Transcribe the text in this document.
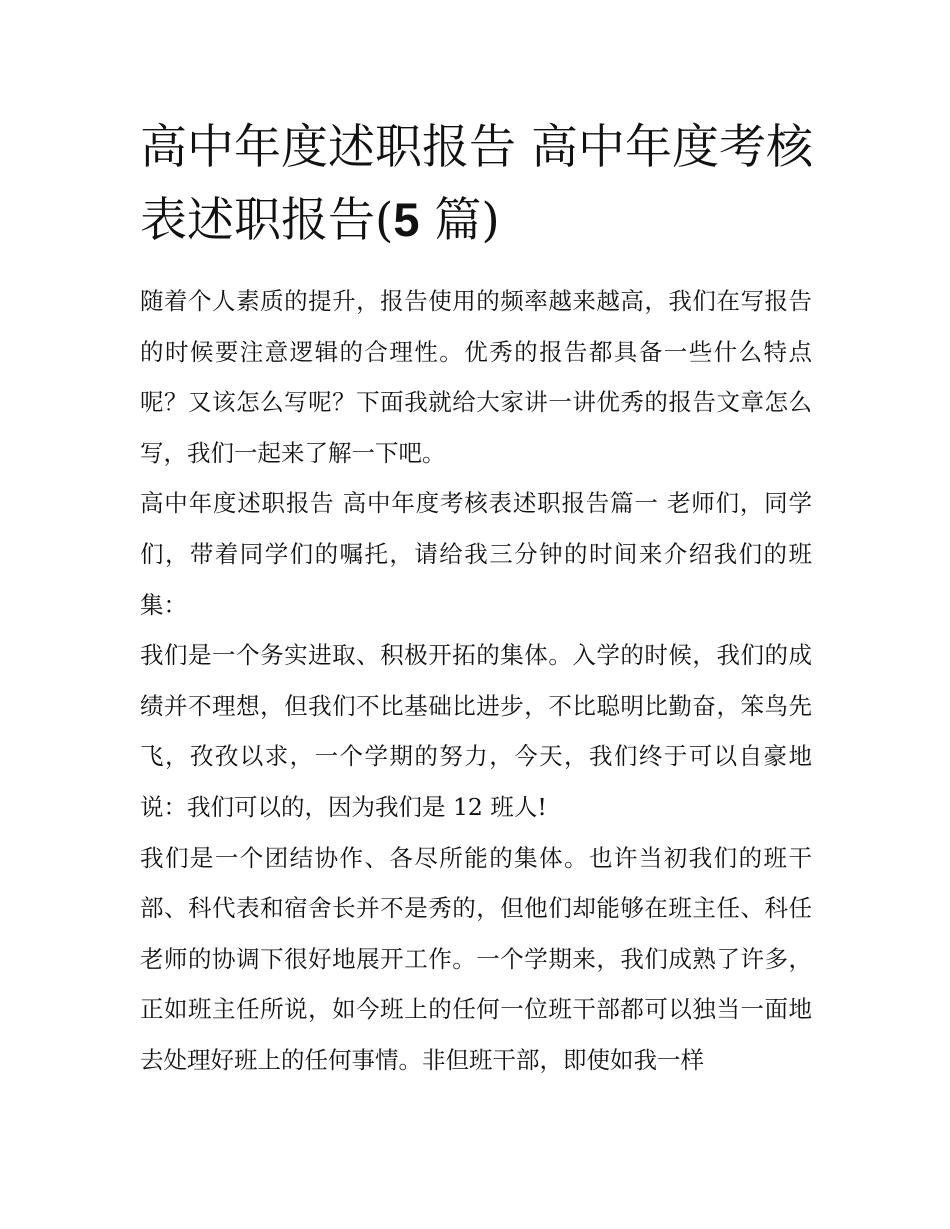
高中年度述职报告 高中年度考核表述职报告(5 篇)

随着个人素质的提升，报告使用的频率越来越高，我们在写报告的时候要注意逻辑的合理性。优秀的报告都具备一些什么特点呢？又该怎么写呢？下面我就给大家讲一讲优秀的报告文章怎么写，我们一起来了解一下吧。

高中年度述职报告 高中年度考核表述职报告篇一 老师们，同学们，带着同学们的嘱托，请给我三分钟的时间来介绍我们的班集：

我们是一个务实进取、积极开拓的集体。入学的时候，我们的成绩并不理想，但我们不比基础比进步，不比聪明比勤奋，笨鸟先飞，孜孜以求，一个学期的努力，今天，我们终于可以自豪地说：我们可以的，因为我们是 12 班人!

我们是一个团结协作、各尽所能的集体。也许当初我们的班干部、科代表和宿舍长并不是秀的，但他们却能够在班主任、科任老师的协调下很好地展开工作。一个学期来，我们成熟了许多，正如班主任所说，如今班上的任何一位班干部都可以独当一面地去处理好班上的任何事情。非但班干部，即使如我一样
